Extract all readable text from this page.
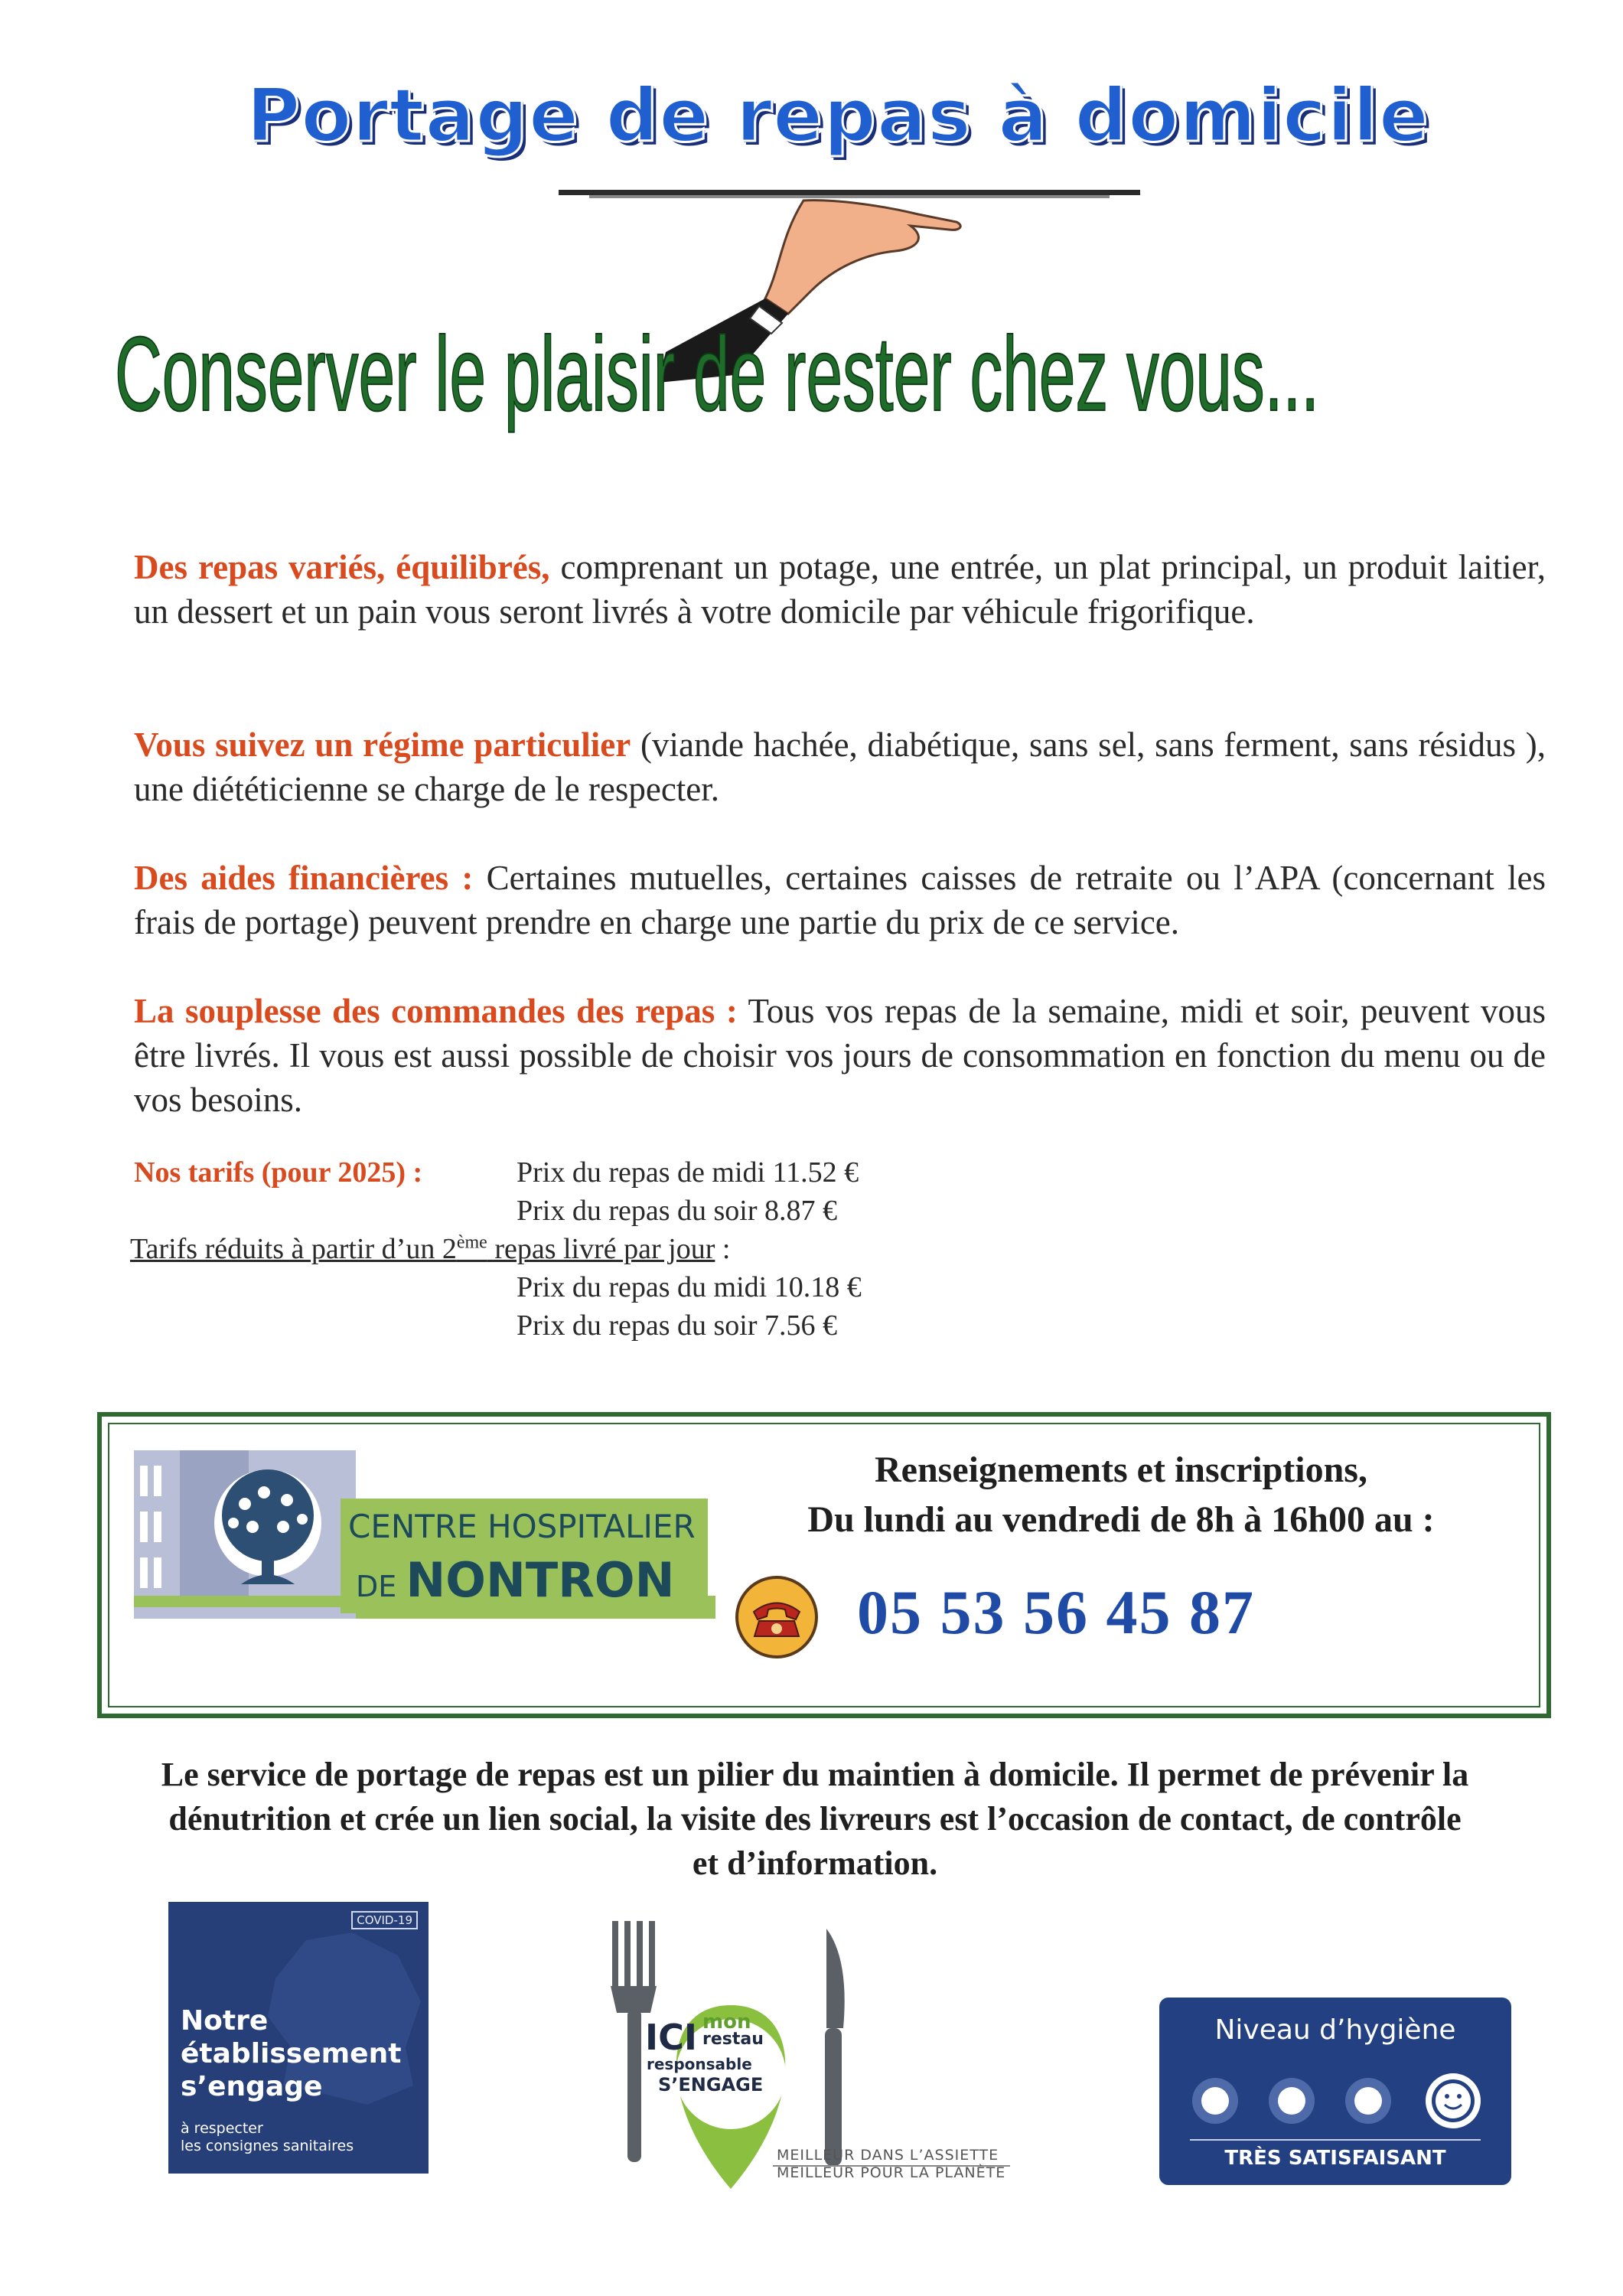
Portage de repas à domicile
Conserver le plaisir de rester chez vous...
Des repas variés, équilibrés, comprenant un potage, une entrée, un plat principal, un produit laitier, un dessert et un pain vous seront livrés à votre domicile par véhicule frigorifique.
Vous suivez un régime particulier (viande hachée, diabétique, sans sel, sans ferment, sans résidus ), une diététicienne se charge de le respecter.
Des aides financières : Certaines mutuelles, certaines caisses de retraite ou l’APA (concernant les frais de portage) peuvent prendre en charge une partie du prix de ce service.
La souplesse des commandes des repas : Tous vos repas de la semaine, midi et soir, peuvent vous être livrés. Il vous est aussi possible de choisir vos jours de consommation en fonction du menu ou de vos besoins.
Nos tarifs (pour 2025) :	Prix du repas de midi 11.52 €
Prix du repas du soir 8.87 €
Tarifs réduits à partir d’un 2ème repas livré par jour :
Prix du repas du midi 10.18 €
Prix du repas du soir 7.56 €
CENTRE HOSPITALIER
DE NONTRON
Renseignements et inscriptions,
Du lundi au vendredi de 8h à 16h00 au :
05 53 56 45 87
Le service de portage de repas est un pilier du maintien à domicile. Il permet de prévenir la dénutrition et crée un lien social, la visite des livreurs est l’occasion de contact, de contrôle et d’information.
COVID-19
Notre
établissement
s’engage
à respecter
les consignes sanitaires
ICI mon
restau
responsable
S’ENGAGE
MEILLEUR DANS L’ASSIETTE
MEILLEUR POUR LA PLANÈTE
Niveau d’hygiène
TRÈS SATISFAISANT
